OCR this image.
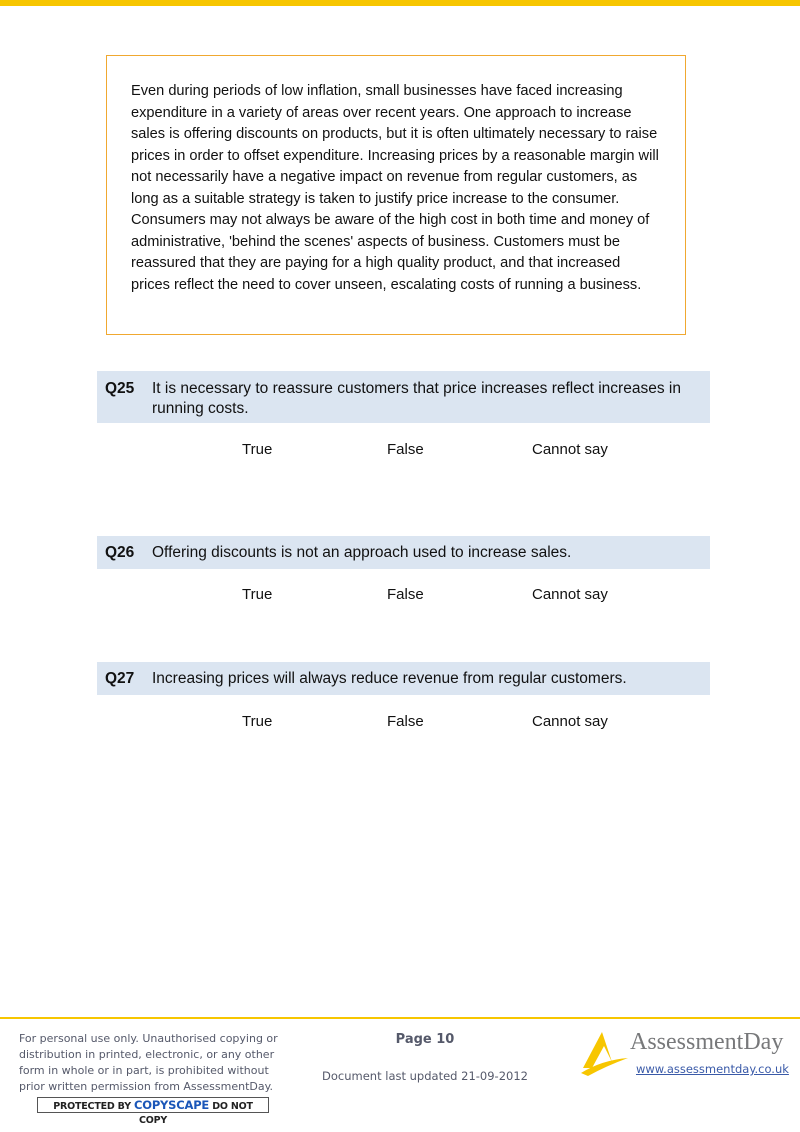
Even during periods of low inflation, small businesses have faced increasing expenditure in a variety of areas over recent years. One approach to increase sales is offering discounts on products, but it is often ultimately necessary to raise prices in order to offset expenditure. Increasing prices by a reasonable margin will not necessarily have a negative impact on revenue from regular customers, as long as a suitable strategy is taken to justify price increase to the consumer. Consumers may not always be aware of the high cost in both time and money of administrative, 'behind the scenes' aspects of business. Customers must be reassured that they are paying for a high quality product, and that increased prices reflect the need to cover unseen, escalating costs of running a business.

Q25 It is necessary to reassure customers that price increases reflect increases in running costs.
True	False	Cannot say
Q26 Offering discounts is not an approach used to increase sales.
True	False	Cannot say
Q27 Increasing prices will always reduce revenue from regular customers.
True	False	Cannot say
For personal use only. Unauthorised copying or distribution in printed, electronic, or any other form in whole or in part, is prohibited without prior written permission from AssessmentDay.
PROTECTED BY COPYSCAPE DO NOT COPY
Page 10
Document last updated 21-09-2012
AssessmentDay
www.assessmentday.co.uk
